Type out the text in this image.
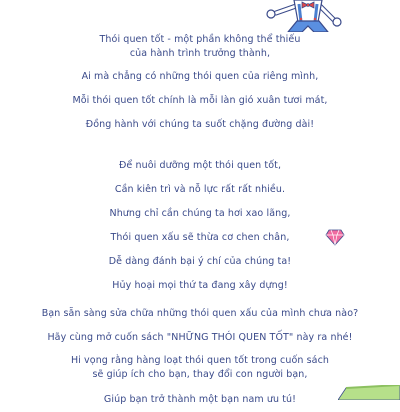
Thói quen tốt - một phần không thể thiếu
của hành trình trưởng thành,
Ai mà chẳng có những thói quen của riêng mình,
Mỗi thói quen tốt chính là mỗi làn gió xuân tươi mát,
Đồng hành với chúng ta suốt chặng đường dài!
Để nuôi dưỡng một thói quen tốt,
Cần kiên trì và nỗ lực rất rất nhiều.
Nhưng chỉ cần chúng ta hơi xao lãng,
Thói quen xấu sẽ thừa cơ chen chân,
Dễ dàng đánh bại ý chí của chúng ta!
Hủy hoại mọi thứ ta đang xây dựng!
Bạn sẵn sàng sửa chữa những thói quen xấu của mình chưa nào?
Hãy cùng mở cuốn sách "NHỮNG THÓI QUEN TỐT" này ra nhé!
Hi vọng rằng hàng loạt thói quen tốt trong cuốn sách
sẽ giúp ích cho bạn, thay đổi con người bạn,
Giúp bạn trở thành một bạn nam ưu tú!
